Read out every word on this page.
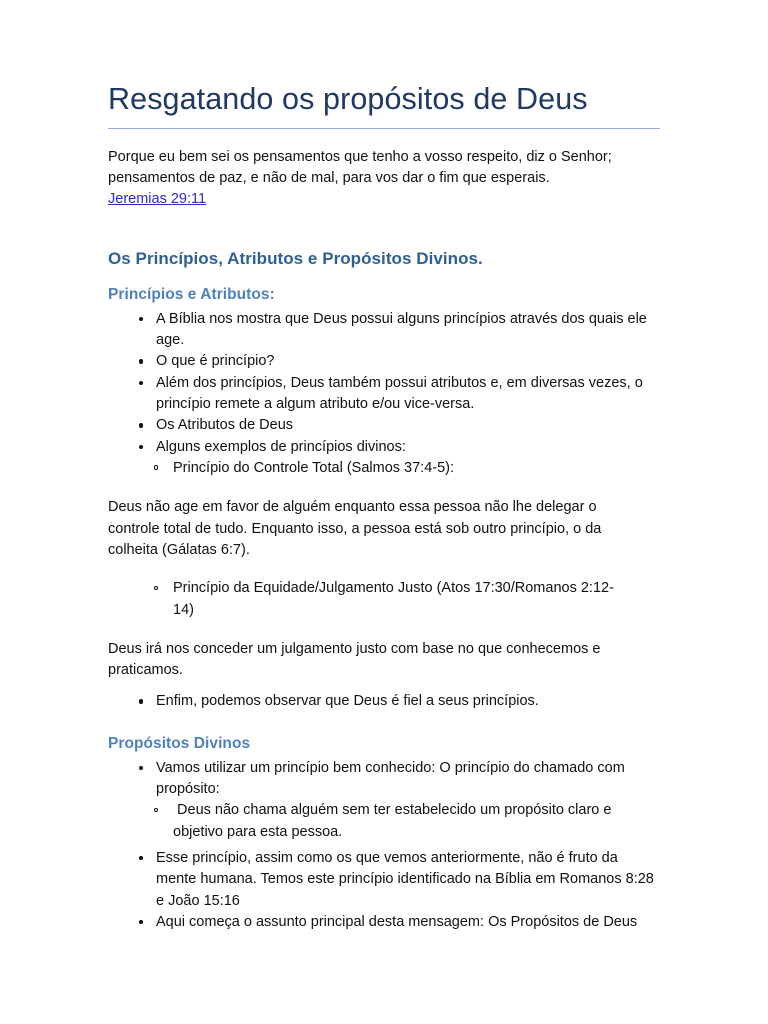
Resgatando os propósitos de Deus

Porque eu bem sei os pensamentos que tenho a vosso respeito, diz o Senhor; pensamentos de paz, e não de mal, para vos dar o fim que esperais.
Jeremias 29:11

Os Princípios, Atributos e Propósitos Divinos.
Princípios e Atributos:
A Bíblia nos mostra que Deus possui alguns princípios através dos quais ele age.
O que é princípio?
Além dos princípios, Deus também possui atributos e, em diversas vezes, o princípio remete a algum atributo e/ou vice-versa.
Os Atributos de Deus
Alguns exemplos de princípios divinos:
Princípio do Controle Total (Salmos 37:4-5):

Deus não age em favor de alguém enquanto essa pessoa não lhe delegar o controle total de tudo. Enquanto isso, a pessoa está sob outro princípio, o da colheita (Gálatas 6:7).

Princípio da Equidade/Julgamento Justo (Atos 17:30/Romanos 2:12-14)

Deus irá nos conceder um julgamento justo com base no que conhecemos e praticamos.

Enfim, podemos observar que Deus é fiel a seus princípios.
Propósitos Divinos
Vamos utilizar um princípio bem conhecido: O princípio do chamado com propósito:
Deus não chama alguém sem ter estabelecido um propósito claro e objetivo para esta pessoa.
Esse princípio, assim como os que vemos anteriormente, não é fruto da mente humana. Temos este princípio identificado na Bíblia em Romanos 8:28 e João 15:16
Aqui começa o assunto principal desta mensagem: Os Propósitos de Deus
